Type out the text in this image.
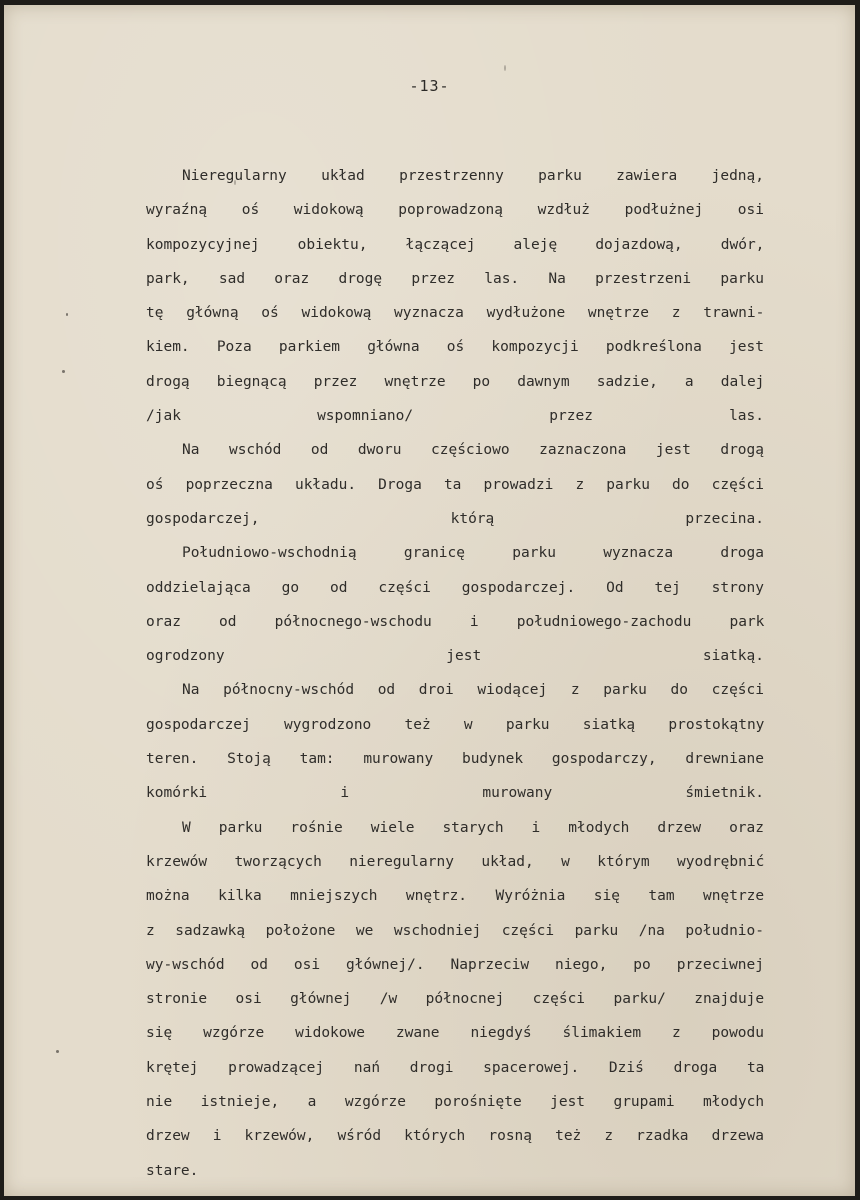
-13-

Nieregularny układ przestrzenny parku zawiera jedną,
wyraźną oś widokową poprowadzoną wzdłuż podłużnej osi
kompozycyjnej obiektu, łączącej aleję dojazdową, dwór,
park, sad oraz drogę przez las. Na przestrzeni parku
tę główną oś widokową wyznacza wydłużone wnętrze z trawni-
kiem. Poza parkiem główna oś kompozycji podkreślona jest
drogą biegnącą przez wnętrze po dawnym sadzie, a dalej
/jak wspomniano/ przez las.

Na wschód od dworu częściowo zaznaczona jest drogą
oś poprzeczna układu. Droga ta prowadzi z parku do części
gospodarczej, którą przecina.

Południowo-wschodnią granicę parku wyznacza droga
oddzielająca go od części gospodarczej. Od tej strony
oraz od północnego-wschodu i południowego-zachodu park
ogrodzony jest siatką.

Na północny-wschód od droi wiodącej z parku do części
gospodarczej wygrodzono też w parku siatką prostokątny
teren. Stoją tam: murowany budynek gospodarczy, drewniane
komórki i murowany śmietnik.

W parku rośnie wiele starych i młodych drzew oraz
krzewów tworzących nieregularny układ, w którym wyodrębnić
można kilka mniejszych wnętrz. Wyróżnia się tam wnętrze
z sadzawką położone we wschodniej części parku /na południo-
wy-wschód od osi głównej/. Naprzeciw niego, po przeciwnej
stronie osi głównej /w północnej części parku/ znajduje
się wzgórze widokowe zwane niegdyś ślimakiem z powodu
krętej prowadzącej nań drogi spacerowej. Dziś droga ta
nie istnieje, a wzgórze porośnięte jest grupami młodych
drzew i krzewów, wśród których rosną też z rzadka drzewa
stare.
